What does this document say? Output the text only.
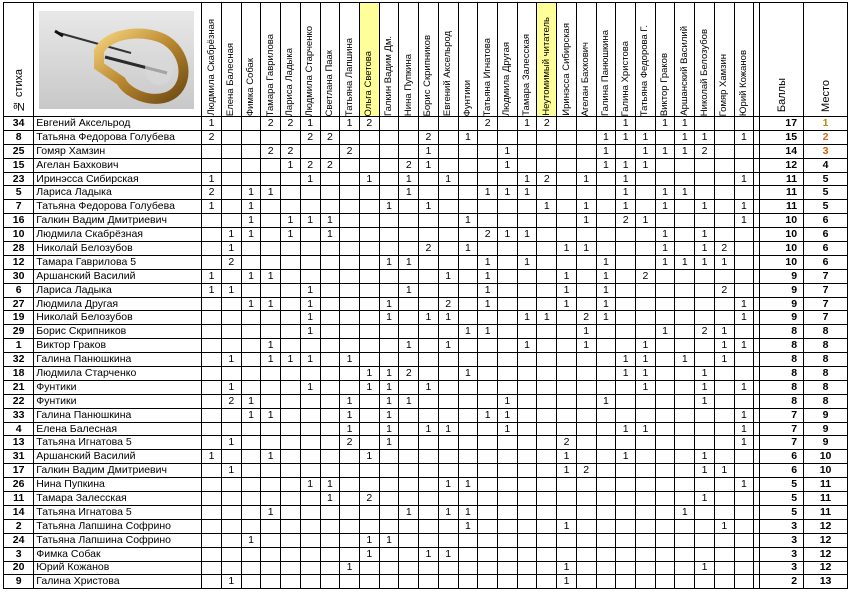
№ стиха		Людмила Скабрёзная	Елена Балесная	Фимка Собак	Тамара Гаврилова	Лариса Ладыка	Людмила Старченко	Светлана Паак	Татьяна Лапшина	Ольга Светова	Галкин Вадим Дм.	Нина Пупкина	Борис Скрипников	Евгений Аксельрод	Фунтики	Татьяна Игнатова	Людмила Другая	Тамара Залесская	Неутомимый читатель	Иринэсса Сибирская	Агелан Бахкович	Галина Панюшкина	Галина Христова	Татьяна Федорова Г.	Виктор Граков	Аршанский Василий	Николай Белозубов	Гомяр Хамзин	Юрий Кожанов		Баллы	Место

34	Евгений Аксельрод	1			2	2	1		1	2						2		1	2				1		1	1					17	1
8	Татьяна Федорова Голубева	2					2	2					2		1							1	1	1		1	1		1		15	2
25	Гомяр Хамзин				2	2			2				1				1					1		1	1	1	2				14	3
15	Агелан Бахкович					1	2	2				2	1				1					1	1	1							12	4
23	Иринэсса Сибирская	1					1			1		1		1				1	2		1		1						1		11	5
5	Лариса Ладыка	2		1	1							1				1	1	1					1		1	1					11	5
7	Татьяна Федорова Голубева	1		1							1		1						1		1		1		1		1		1		11	5
16	Галкин Вадим Дмитриевич			1		1	1	1							1						1		2	1					1		10	6
10	Людмила Скабрёзная		1	1		1		1								2	1	1							1		1				10	6
28	Николай Белозубов		1										2		1					1	1				1		1	2			10	6
12	Тамара Гаврилова 5		2								1	1				1		1				1			1	1	1	1			10	6
30	Аршанский Василий	1		1	1									1		1				1		1		2							9	7
6	Лариса Ладыка	1	1				1					1				1				1		1						2			9	7
27	Людмила Другая			1	1		1				1			2		1				1		1							1		9	7
19	Николай Белозубов						1				1		1	1				1	1		2	1							1		9	7
29	Борис Скрипников						1								1	1					1				1		2	1			8	8
1	Виктор Граков				1							1		1				1			1			1				1	1		8	8
32	Галина Панюшкина		1		1	1	1		1														1	1		1		1			8	8
18	Людмила Старченко									1	1	2			1								1	1			1				8	8
21	Фунтики		1				1			1	1		1											1			1		1		8	8
22	Фунтики		2	1					1		1	1					1					1					1				8	8
33	Галина Панюшкина			1	1				1		1					1	1												1		7	9
4	Елена Балесная								1		1		1	1			1						1	1					1		7	9
13	Татьяна Игнатова 5		1						2		1									2									1		7	9
31	Аршанский Василий	1			1					1										1			1				1				6	10
17	Галкин Вадим Дмитриевич		1																	1	2						1	1			6	10
26	Нина Пупкина						1	1						1	1														1		5	11
11	Тамара Залесская							1		2																	1				5	11
14	Татьяна Игнатова 5				1							1		1	1											1					5	11
2	Татьяна Лапшина Софрино														1					1								1			3	12
24	Татьяна Лапшина Софрино			1						1	1																				3	12
3	Фимка Собак									1			1	1																	3	12
20	Юрий Кожанов								1											1							1				3	12
9	Галина Христова		1																	1											2	13
